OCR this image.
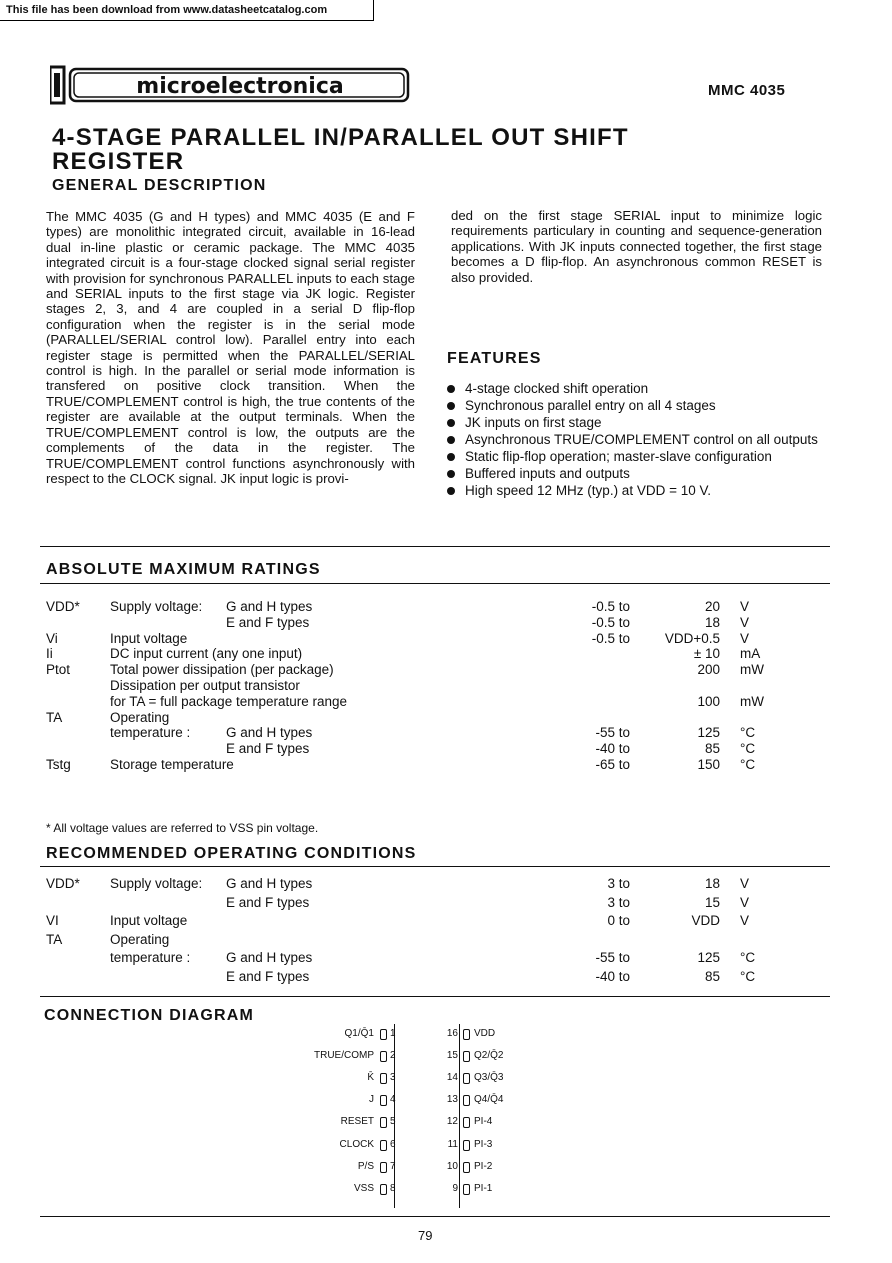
This file has been download from www.datasheetcatalog.com
microelectronica	MMC 4035
4-STAGE PARALLEL IN/PARALLEL OUT SHIFT
REGISTER
GENERAL DESCRIPTION
The MMC 4035 (G and H types) and MMC 4035 (E and F types) are monolithic integrated circuit, available in 16-lead dual in-line plastic or ceramic package. The MMC 4035 integrated circuit is a four-stage clocked signal serial register with provision for synchronous PARALLEL inputs to each stage and SERIAL inputs to the first stage via JK logic. Register stages 2, 3, and 4 are coupled in a serial D flip-flop configuration when the register is in the serial mode (PARALLEL/SERIAL control low). Parallel entry into each register stage is permitted when the PARALLEL/SERIAL control is high. In the parallel or serial mode information is transfered on positive clock transition. When the TRUE/COMPLEMENT control is high, the true contents of the register are available at the output terminals. When the TRUE/COMPLEMENT control is low, the outputs are the complements of the data in the register. The TRUE/COMPLEMENT control functions asynchronously with respect to the CLOCK signal. JK input logic is provi-
ded on the first stage SERIAL input to minimize logic requirements particulary in counting and sequence-generation applications. With JK inputs connected together, the first stage becomes a D flip-flop. An asynchronous common RESET is also provided.
FEATURES
4-stage clocked shift operation
Synchronous parallel entry on all 4 stages
JK inputs on first stage
Asynchronous TRUE/COMPLEMENT control on all outputs
Static flip-flop operation; master-slave configuration
Buffered inputs and outputs
High speed 12 MHz (typ.) at VDD = 10 V.
ABSOLUTE MAXIMUM RATINGS
VDD* Supply voltage: G and H types	-0.5 to	20 V
E and F types	-0.5 to	18 V
Vi	Input voltage	-0.5 to	VDD+0.5 V
Ii	DC input current (any one input)	± 10 mA
Ptot	Total power dissipation (per package)	200 mW
Dissipation per output transistor
for TA = full package temperature range	100 mW
TA	Operating
temperature :	G and H types	-55 to	125 °C
E and F types	-40 to	85 °C
Tstg	Storage temperature	-65 to	150 °C
* All voltage values are referred to VSS pin voltage.
RECOMMENDED OPERATING CONDITIONS
VDD* Supply voltage: G and H types	3 to	18 V
E and F types	3 to	15 V
VI	Input voltage	0 to	VDD V
TA	Operating
temperature :	G and H types	-55 to	125 °C
E and F types	-40 to	85 °C
CONNECTION DIAGRAM
Q1/Q̄1 1
TRUE/COMP 2
K̄ 3
J 4
RESET 5
CLOCK 6
P/S 7
VSS 8
16 VDD
15 Q2/Q̄2
14 Q3/Q̄3
13 Q4/Q̄4
12 PI-4
11 PI-3
10 PI-2
9 PI-1
79
